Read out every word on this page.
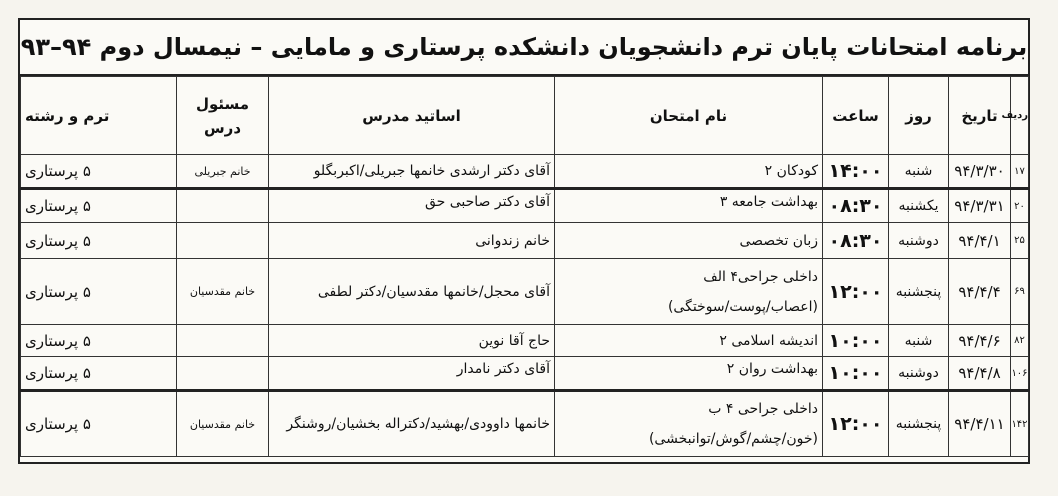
برنامه امتحانات پایان ترم دانشجویان دانشکده پرستاری و مامایی – نیمسال دوم ۹۴–۹۳
ردیف	تاریخ	روز	ساعت	نام امتحان	اساتید مدرس	مسئول
درس	ترم و رشته
۱۷	۹۴/۳/۳۰	شنبه	۱۴:۰۰	کودکان ۲	آقای دکتر ارشدی خانمها جبریلی/اکبربگلو	خانم جبریلی	۵ پرستاری
۲۰	۹۴/۳/۳۱	یکشنبه	۰۸:۳۰	بهداشت جامعه ۳	آقای دکتر صاحبی حق		۵ پرستاری
۲۵	۹۴/۴/۱	دوشنبه	۰۸:۳۰	زبان تخصصی	خانم زندوانی		۵ پرستاری
۶۹	۹۴/۴/۴	پنجشنبه	۱۲:۰۰	داخلی جراحی۴ الف
(اعصاب/پوست/سوختگی)	آقای محجل/خانمها مقدسیان/دکتر لطفی	خانم مقدسیان	۵ پرستاری
۸۲	۹۴/۴/۶	شنبه	۱۰:۰۰	اندیشه اسلامی ۲	حاج آقا نوین		۵ پرستاری
۱۰۶	۹۴/۴/۸	دوشنبه	۱۰:۰۰	بهداشت روان ۲	آقای دکتر نامدار		۵ پرستاری
۱۴۲	۹۴/۴/۱۱	پنجشنبه	۱۲:۰۰	داخلی جراحی ۴ ب
(خون/چشم/گوش/توانبخشی)	خانمها داوودی/بهشید/دکتراله بخشیان/روشنگر	خانم مقدسیان	۵ پرستاری
